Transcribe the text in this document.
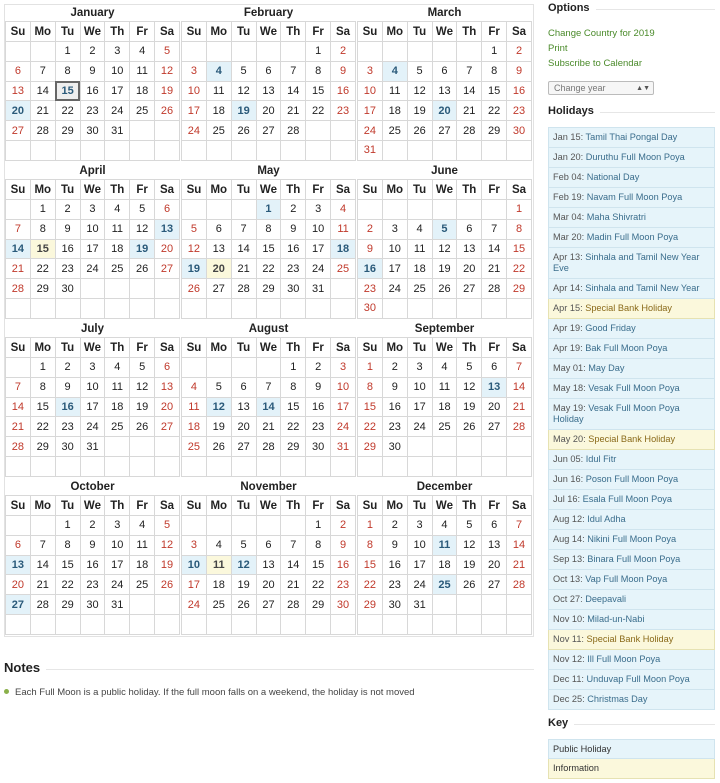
January
Su	Mo	Tu	We	Th	Fr	Sa
		1	2	3	4	5
6	7	8	9	10	11	12
13	14	15	16	17	18	19
20	21	22	23	24	25	26
27	28	29	30	31		

February
Su	Mo	Tu	We	Th	Fr	Sa
					1	2
3	4	5	6	7	8	9
10	11	12	13	14	15	16
17	18	19	20	21	22	23
24	25	26	27	28		

March
Su	Mo	Tu	We	Th	Fr	Sa
					1	2
3	4	5	6	7	8	9
10	11	12	13	14	15	16
17	18	19	20	21	22	23
24	25	26	27	28	29	30
31						
April
Su	Mo	Tu	We	Th	Fr	Sa
	1	2	3	4	5	6
7	8	9	10	11	12	13
14	15	16	17	18	19	20
21	22	23	24	25	26	27
28	29	30				

May
Su	Mo	Tu	We	Th	Fr	Sa
			1	2	3	4
5	6	7	8	9	10	11
12	13	14	15	16	17	18
19	20	21	22	23	24	25
26	27	28	29	30	31	

June
Su	Mo	Tu	We	Th	Fr	Sa
						1
2	3	4	5	6	7	8
9	10	11	12	13	14	15
16	17	18	19	20	21	22
23	24	25	26	27	28	29
30						
July
Su	Mo	Tu	We	Th	Fr	Sa
	1	2	3	4	5	6
7	8	9	10	11	12	13
14	15	16	17	18	19	20
21	22	23	24	25	26	27
28	29	30	31			

August
Su	Mo	Tu	We	Th	Fr	Sa
				1	2	3
4	5	6	7	8	9	10
11	12	13	14	15	16	17
18	19	20	21	22	23	24
25	26	27	28	29	30	31

September
Su	Mo	Tu	We	Th	Fr	Sa
1	2	3	4	5	6	7
8	9	10	11	12	13	14
15	16	17	18	19	20	21
22	23	24	25	26	27	28
29	30					

October
Su	Mo	Tu	We	Th	Fr	Sa
		1	2	3	4	5
6	7	8	9	10	11	12
13	14	15	16	17	18	19
20	21	22	23	24	25	26
27	28	29	30	31		

November
Su	Mo	Tu	We	Th	Fr	Sa
					1	2
3	4	5	6	7	8	9
10	11	12	13	14	15	16
17	18	19	20	21	22	23
24	25	26	27	28	29	30

December
Su	Mo	Tu	We	Th	Fr	Sa
1	2	3	4	5	6	7
8	9	10	11	12	13	14
15	16	17	18	19	20	21
22	23	24	25	26	27	28
29	30	31				

Notes
Each Full Moon is a public holiday. If the full moon falls on a weekend, the holiday is not moved
Options
Change Country for 2019
Print
Subscribe to Calendar
Change year	▲▼
Holidays
Jan 15: Tamil Thai Pongal Day
Jan 20: Duruthu Full Moon Poya
Feb 04: National Day
Feb 19: Navam Full Moon Poya
Mar 04: Maha Shivratri
Mar 20: Madin Full Moon Poya
Apr 13: Sinhala and Tamil New Year Eve
Apr 14: Sinhala and Tamil New Year
Apr 15: Special Bank Holiday
Apr 19: Good Friday
Apr 19: Bak Full Moon Poya
May 01: May Day
May 18: Vesak Full Moon Poya
May 19: Vesak Full Moon Poya Holiday
May 20: Special Bank Holiday
Jun 05: Idul Fitr
Jun 16: Poson Full Moon Poya
Jul 16: Esala Full Moon Poya
Aug 12: Idul Adha
Aug 14: Nikini Full Moon Poya
Sep 13: Binara Full Moon Poya
Oct 13: Vap Full Moon Poya
Oct 27: Deepavali
Nov 10: Milad-un-Nabi
Nov 11: Special Bank Holiday
Nov 12: Ill Full Moon Poya
Dec 11: Unduvap Full Moon Poya
Dec 25: Christmas Day
Key
Public Holiday
Information
